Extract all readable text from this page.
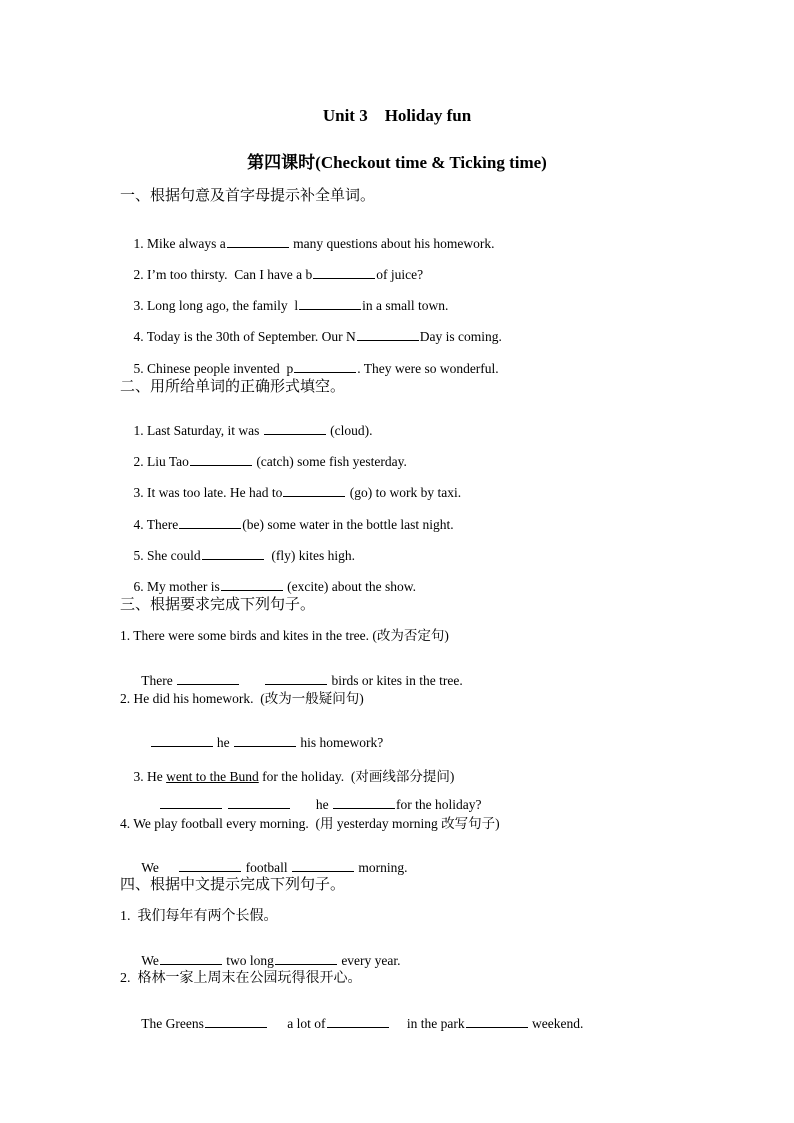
Unit 3    Holiday fun
第四课时(Checkout time & Ticking time)
一、根据句意及首字母提示补全单词。

1. Mike always a	many questions about his homework.

2. I’m too thirsty.  Can I have a b	of juice?

3. Long long ago, the family  l	in a small town.

4. Today is the 30th of September. Our N	Day is coming.

5. Chinese people invented  p	. They were so wonderful.

二、用所给单词的正确形式填空。

1. Last Saturday, it was	(cloud).

2. Liu Tao	(catch) some fish yesterday.

3. It was too late. He had to	(go) to work by taxi.

4. There	(be) some water in the bottle last night.

5. She could	(fly) kites high.

6. My mother is	(excite) about the show.

三、根据要求完成下列句子。
1. There were some birds and kites in the tree. (改为否定句)

There	birds or kites in the tree.

2. He did his homework.  (改为一般疑问句)

he	his homework?

3. He went to the Bund for the holiday.  (对画线部分提问)

he	for the holiday?

4. We play football every morning.  (用 yesterday morning 改写句子)

We	football	morning.

四、根据中文提示完成下列句子。
1.  我们每年有两个长假。

We	two long	every year.

2.  格林一家上周末在公园玩得很开心。

The Greens	a lot of	in the park	weekend.
